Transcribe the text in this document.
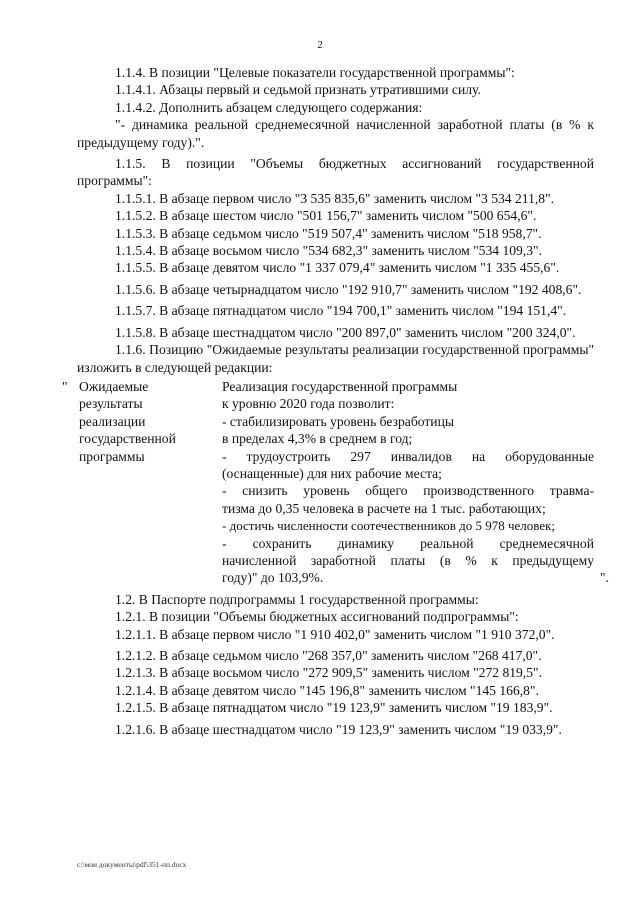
2

1.1.4. В позиции "Целевые показатели государственной программы":

1.1.4.1. Абзацы первый и седьмой признать утратившими силу.

1.1.4.2. Дополнить абзацем следующего содержания:

"- динамика реальной среднемесячной начисленной заработной платы (в % к предыдущему году).".

1.1.5. В позиции "Объемы бюджетных ассигнований государственной программы":

1.1.5.1. В абзаце первом число "3 535 835,6" заменить числом "3 534 211,8".

1.1.5.2. В абзаце шестом число "501 156,7" заменить числом "500 654,6".

1.1.5.3. В абзаце седьмом число "519 507,4" заменить числом "518 958,7".

1.1.5.4. В абзаце восьмом число "534 682,3" заменить числом "534 109,3".

1.1.5.5. В абзаце девятом число "1 337 079,4" заменить числом "1 335 455,6".

1.1.5.6. В абзаце четырнадцатом число "192 910,7" заменить числом "192 408,6".

1.1.5.7. В абзаце пятнадцатом число "194 700,1" заменить числом "194 151,4".

1.1.5.8. В абзаце шестнадцатом число "200 897,0" заменить числом "200 324,0".

1.1.6. Позицию "Ожидаемые результаты реализации государственной программы" изложить в следующей редакции:

" Ожидаемые
результаты
реализации
государственной
программы
Реализация государственной программы
к уровню 2020 года позволит:
- стабилизировать уровень безработицы
в пределах 4,3% в среднем в год;
- трудоустроить 297 инвалидов на оборудованные
(оснащенные) для них рабочие места;
- снизить уровень общего производственного травма-
тизма до 0,35 человека в расчете на 1 тыс. работающих;
- достичь численности соотечественников до 5 978 человек;
- сохранить динамику реальной среднемесячной
начисленной заработной платы (в % к предыдущему
году)" до 103,9%.	".

1.2. В Паспорте подпрограммы 1 государственной программы:

1.2.1. В позиции "Объемы бюджетных ассигнований подпрограммы":

1.2.1.1. В абзаце первом число "1 910 402,0" заменить числом "1 910 372,0".

1.2.1.2. В абзаце седьмом число "268 357,0" заменить числом "268 417,0".

1.2.1.3. В абзаце восьмом число "272 909,5" заменить числом "272 819,5".

1.2.1.4. В абзаце девятом число "145 196,8" заменить числом "145 166,8".

1.2.1.5. В абзаце пятнадцатом число "19 123,9" заменить числом "19 183,9".

1.2.1.6. В абзаце шестнадцатом число "19 123,9" заменить числом "19 033,9".

c:\мои документы\pdf\351-пп.docx
